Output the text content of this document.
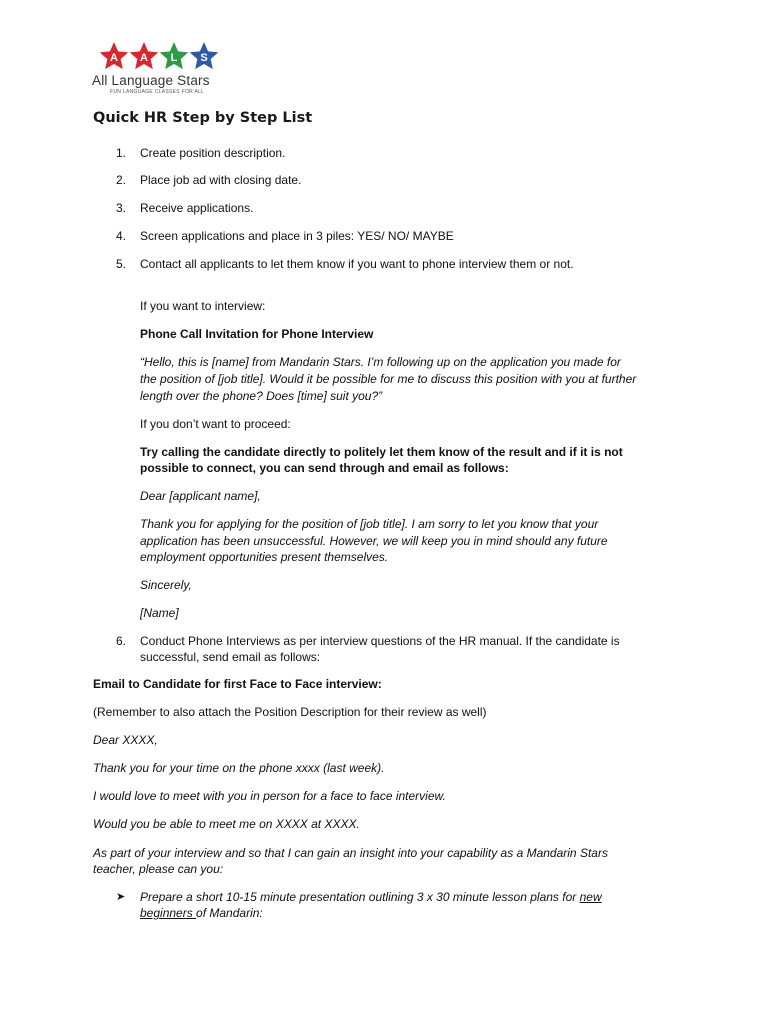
A A L S
All Language Stars
FUN LANGUAGE CLASSES FOR ALL
Quick HR Step by Step List
1. Create position description.
2. Place job ad with closing date.
3. Receive applications.
4. Screen applications and place in 3 piles: YES/ NO/ MAYBE
5. Contact all applicants to let them know if you want to phone interview them or not.
If you want to interview:
Phone Call Invitation for Phone Interview
“Hello, this is [name] from Mandarin Stars. I’m following up on the application you made for
the position of [job title]. Would it be possible for me to discuss this position with you at further
length over the phone? Does [time] suit you?”
If you don’t want to proceed:
Try calling the candidate directly to politely let them know of the result and if it is not
possible to connect, you can send through and email as follows:
Dear [applicant name],
Thank you for applying for the position of [job title]. I am sorry to let you know that your
application has been unsuccessful. However, we will keep you in mind should any future
employment opportunities present themselves.
Sincerely,
[Name]
6. Conduct Phone Interviews as per interview questions of the HR manual. If the candidate is
successful, send email as follows:
Email to Candidate for first Face to Face interview:
(Remember to also attach the Position Description for their review as well)
Dear XXXX,
Thank you for your time on the phone xxxx (last week).
I would love to meet with you in person for a face to face interview.
Would you be able to meet me on XXXX at XXXX.
As part of your interview and so that I can gain an insight into your capability as a Mandarin Stars
teacher, please can you:
➤ Prepare a short 10-15 minute presentation outlining 3 x 30 minute lesson plans for new
beginners of Mandarin:
